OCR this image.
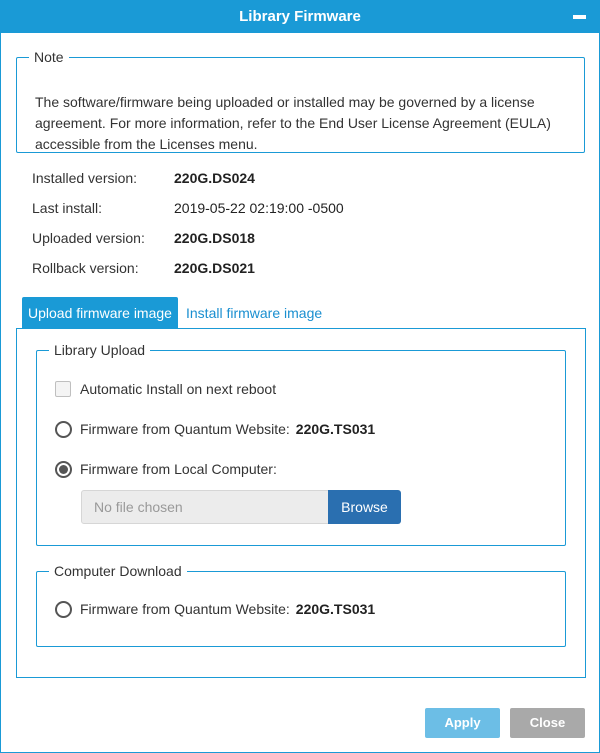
Library Firmware
Note
The software/firmware being uploaded or installed may be governed by a license agreement. For more information, refer to the End User License Agreement (EULA) accessible from the Licenses menu.
Installed version:	220G.DS024
Last install:	2019-05-22 02:19:00 -0500
Uploaded version:	220G.DS018
Rollback version:	220G.DS021
Upload firmware image	Install firmware image
Library Upload
Automatic Install on next reboot
Firmware from Quantum Website: 220G.TS031
Firmware from Local Computer:
No file chosen	Browse
Computer Download
Firmware from Quantum Website: 220G.TS031
Apply	Close
